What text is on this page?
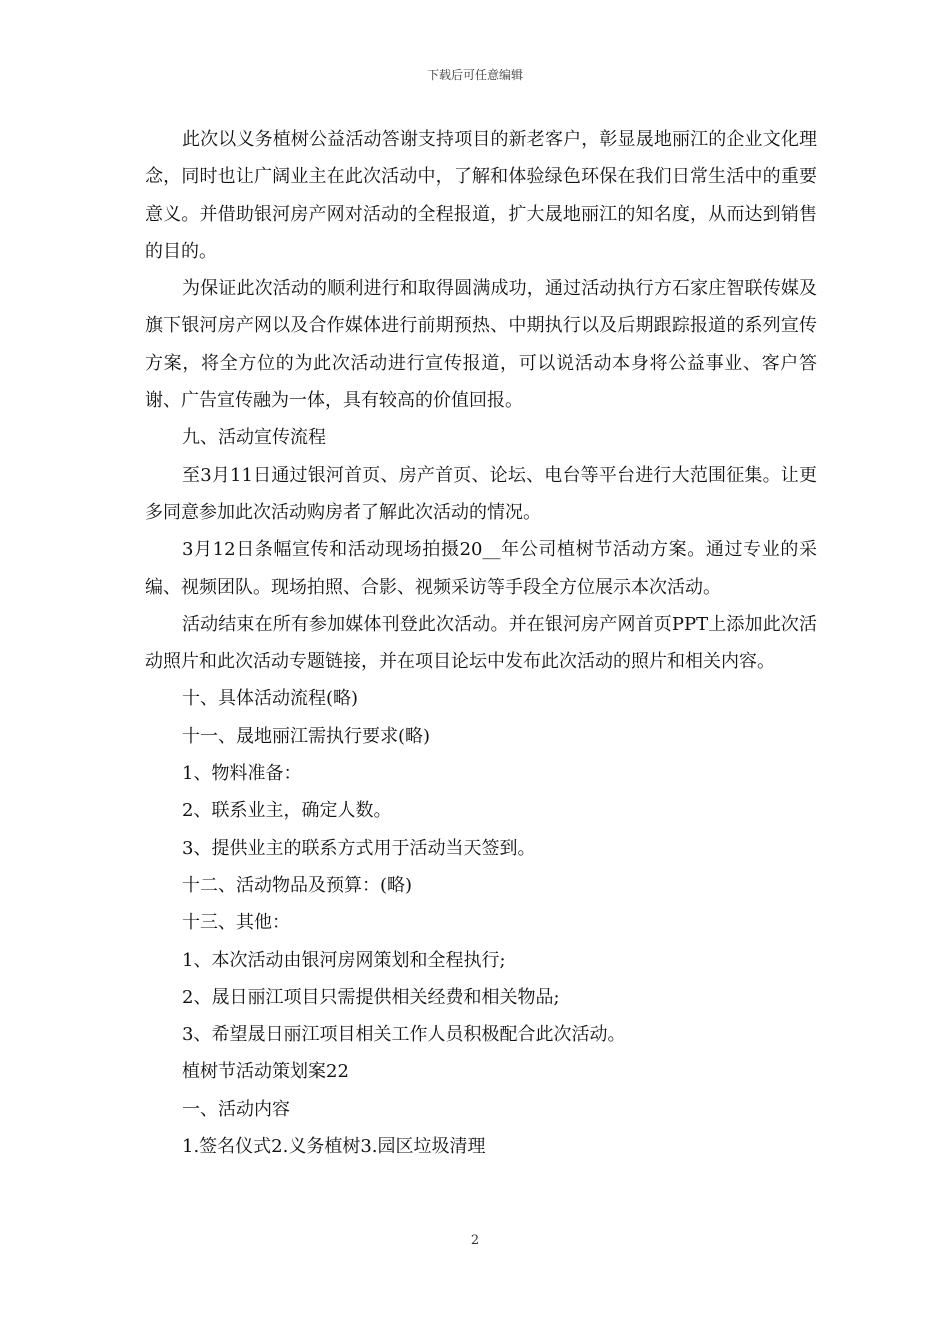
下载后可任意编辑

此次以义务植树公益活动答谢支持项目的新老客户，彰显晟地丽江的企业文化理念，同时也让广阔业主在此次活动中，了解和体验绿色环保在我们日常生活中的重要意义。并借助银河房产网对活动的全程报道，扩大晟地丽江的知名度，从而达到销售的目的。

为保证此次活动的顺利进行和取得圆满成功，通过活动执行方石家庄智联传媒及旗下银河房产网以及合作媒体进行前期预热、中期执行以及后期跟踪报道的系列宣传方案，将全方位的为此次活动进行宣传报道，可以说活动本身将公益事业、客户答谢、广告宣传融为一体，具有较高的价值回报。

九、活动宣传流程

至3月11日通过银河首页、房产首页、论坛、电台等平台进行大范围征集。让更多同意参加此次活动购房者了解此次活动的情况。

3月12日条幅宣传和活动现场拍摄20__年公司植树节活动方案。通过专业的采编、视频团队。现场拍照、合影、视频采访等手段全方位展示本次活动。

活动结束在所有参加媒体刊登此次活动。并在银河房产网首页PPT上添加此次活动照片和此次活动专题链接，并在项目论坛中发布此次活动的照片和相关内容。

十、具体活动流程(略)

十一、晟地丽江需执行要求(略)

1、物料准备：

2、联系业主，确定人数。

3、提供业主的联系方式用于活动当天签到。

十二、活动物品及预算：(略)

十三、其他：

1、本次活动由银河房网策划和全程执行;

2、晟日丽江项目只需提供相关经费和相关物品;

3、希望晟日丽江项目相关工作人员积极配合此次活动。

植树节活动策划案22

一、活动内容

1.签名仪式2.义务植树3.园区垃圾清理

2
